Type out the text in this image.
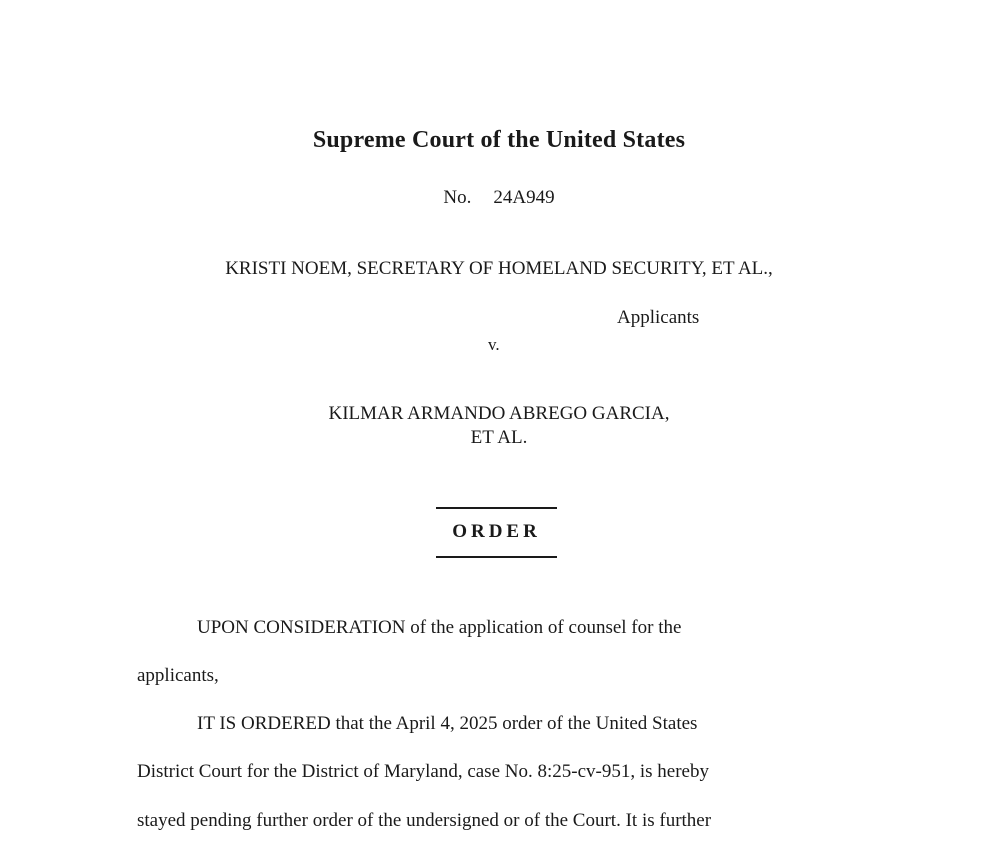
Supreme Court of the United States
No. 24A949
KRISTI NOEM, SECRETARY OF HOMELAND SECURITY, ET AL.,
Applicants
v.
KILMAR ARMANDO ABREGO GARCIA,
ET AL.
ORDER
UPON CONSIDERATION of the application of counsel for the
applicants,
IT IS ORDERED that the April 4, 2025 order of the United States
District Court for the District of Maryland, case No. 8:25-cv-951, is hereby
stayed pending further order of the undersigned or of the Court. It is further
